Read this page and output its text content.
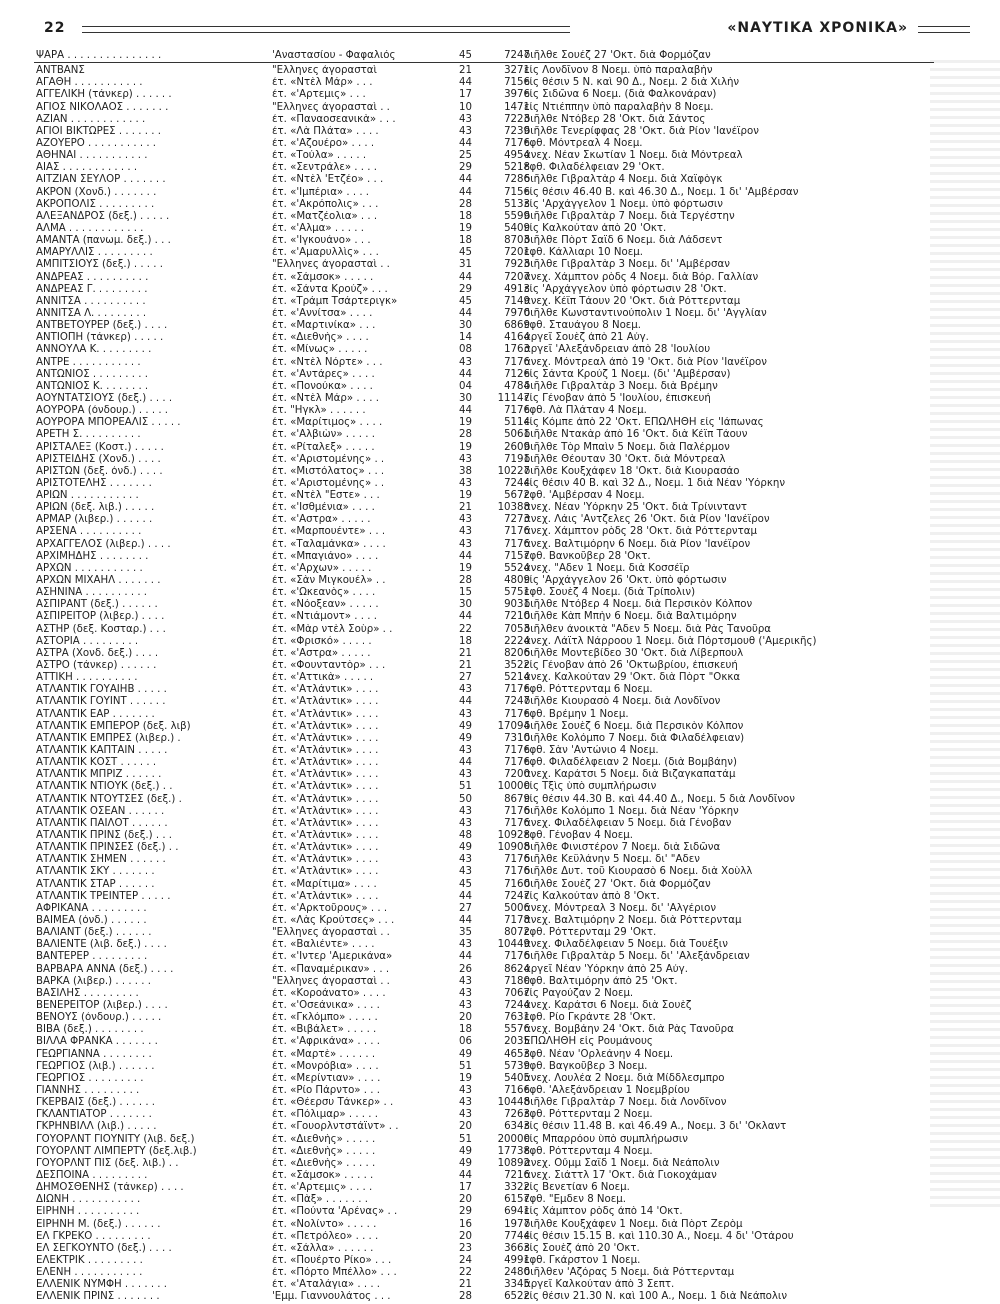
22	«ΝΑΥΤΙΚΑ ΧΡΟΝΙΚΑ»
ΨΑΡΑ . . . . . . . . . . . . . . .	'Αναστασίου - Φαφαλιός	45	7247
διῆλθε Σουέζ 27 'Οκτ. διὰ Φορμόζαν
ΑΝΤΒΑΝΣ	"Ελληνες ἀγορασταὶ	21	3271
εἰς Λονδῖνον 8 Νοεμ. ὑπὸ παραλαβὴν
ΑΓΑΘΗ . . . . . . . . . . .	ἐτ. «Ντὲλ Μάρ» . . .	44	7156
εἰς θέσιν 5 Ν. καὶ 90 Δ., Νοεμ. 2 διὰ Χιλὴν
ΑΓΓΕΛΙΚΗ (τάνκερ) . . . . . .	ἐτ. «'Αρτεμις» . . .	17	3976
εἰς Σιδῶνα 6 Νοεμ. (διὰ Φαλκονάραν)
ΑΓΙΟΣ ΝΙΚΟΛΑΟΣ . . . . . . .	"Ελληνες ἀγορασταὶ . .	10	1471
εἰς Ντιέππην ὑπὸ παραλαβὴν 8 Νοεμ.
ΑΖΙΑΝ . . . . . . . . . . . .	ἐτ. «Παναοσεανικὰ» . . .	43	7223
διῆλθε Ντόβερ 28 'Οκτ. διὰ Σάντος
ΑΓΙΟΙ ΒΙΚΤΩΡΕΣ . . . . . . .	ἐτ. «Λὰ Πλάτα» . . . .	43	7239
διῆλθε Τενερίφφας 28 'Οκτ. διὰ Ρίον 'Ιανέϊρον
ΑΖΟΥΕΡΟ . . . . . . . . . . .	ἐτ. «'Αζουέρο» . . . .	44	7176
ἐφθ. Μόντρεαλ 4 Νοεμ.
ΑΘΗΝΑΙ . . . . . . . . . . .	ἐτ. «Τούλα» . . . . .	25	4954
ἀνεχ. Νέαν Σκωτίαν 1 Νοεμ. διὰ Μόντρεαλ
ΑΙΑΣ . . . . . . . . . . . .	ἐτ. «Σεντράλε» . . . .	29	5218
ἐφθ. Φιλαδέλφειαν 29 'Οκτ.
ΑΙΤΖΙΑΝ ΣΕΫΛΟΡ . . . . . . .	ἐτ. «Ντὲλ 'Ετζέο» . . .	44	7286
διῆλθε Γιβραλτὰρ 4 Νοεμ. διὰ Χαϊφὸγκ
ΑΚΡΟΝ (Χονδ.) . . . . . . .	ἐτ. «'Ιμπέρια» . . . .	44	7156
εἰς θέσιν 46.40 Β. καὶ 46.30 Δ., Νοεμ. 1 δι' 'Αμβέρσαν
ΑΚΡΟΠΟΛΙΣ . . . . . . . . .	ἐτ. «'Ακρόπολις» . . .	28	5133
εἰς 'Αρχάγγελον 1 Νοεμ. ὑπὸ φόρτωσιν
ΑΛΕΞΑΝΔΡΟΣ (δεξ.) . . . . .	ἐτ. «Ματζέολια» . . .	18	5599
διῆλθε Γιβραλτὰρ 7 Νοεμ. διὰ Τεργέστην
ΑΛΜΑ . . . . . . . . . . . .	ἐτ. «'Αλμα» . . . . .	19	5409
εἰς Καλκούταν ἀπὸ 20 'Οκτ.
ΑΜΑΝΤΑ (πανωμ. δεξ.) . . .	ἐτ. «'Ιγκουάνο» . . .	18	8703
διῆλθε Πὸρτ Σαῒδ 6 Νοεμ. διὰ Λάδσεντ
ΑΜΑΡΥΛΛΙΣ . . . . . . . . .	ἐτ. «'Αμαρυλλὶς» . . .	45	7201
ἐφθ. Κάλλιαρι 10 Νοεμ.
ΑΜΠΙΤΣΙΟΥΣ (δεξ.) . . . . .	"Ελληνες ἀγορασταὶ . .	31	7923
διῆλθε Γιβραλτὰρ 3 Νοεμ. δι' 'Αμβέρσαν
ΑΝΔΡΕΑΣ . . . . . . . . . .	ἐτ. «Σάμσοκ» . . . . .	44	7207
ἀνεχ. Χάμπτον ρὸδς 4 Νοεμ. διὰ Βόρ. Γαλλίαν
ΑΝΔΡΕΑΣ Γ. . . . . . . . .	ἐτ. «Σάντα Κρούζ» . . .	29	4913
εἰς 'Αρχάγγελον ὑπὸ φόρτωσιν 28 'Οκτ.
ΑΝΝΙΤΣΑ . . . . . . . . . .	ἐτ. «Τράμπ Τσάρτεριγκ»	45	7149
ἀνεχ. Κέϊπ Τάουν 20 'Οκτ. διὰ Ρόττερνταμ
ΑΝΝΙΤΣΑ Λ. . . . . . . . .	ἐτ. «'Αννίτσα» . . . .	44	7970
διῆλθε Κωνσταντινούπολιν 1 Νοεμ. δι' 'Αγγλίαν
ΑΝΤΒΕΤΟΥΡΕΡ (δεξ.) . . . .	ἐτ. «Μαρτινίκα» . . .	30	6869
ἐφθ. Σταυάγου 8 Νοεμ.
ΑΝΤΙΟΠΗ (τάνκερ) . . . . .	ἐτ. «Διεθνὴς» . . . .	14	4164
ἀργεῖ Σουὲζ ἀπὸ 21 Αὐγ.
ΑΝΝΟΥΛΑ Κ. . . . . . . . .	ἐτ. «Μίνως» . . . . .	08	1763
ἀργεῖ 'Αλεξάνδρειαν ἀπὸ 28 'Ιουλίου
ΑΝΤΡΕ . . . . . . . . . . .	ἐτ. «Ντὲλ Νόρτε» . . .	43	7176
ἀνεχ. Μόντρεαλ ἀπὸ 19 'Οκτ. διὰ Ρίον 'Ιανέϊρον
ΑΝΤΩΝΙΟΣ . . . . . . . . .	ἐτ. «'Αντάρες» . . . .	44	7126
εἰς Σάντα Κρούζ 1 Νοεμ. (δι' 'Αμβέρσαν)
ΑΝΤΩΝΙΟΣ Κ. . . . . . . .	ἐτ. «Πονούκα» . . . .	04	4784
διῆλθε Γιβραλτὰρ 3 Νοεμ. διὰ Βρέμην
ΑΟΥΝΤΑΤΣΙΟΥΣ (δεξ.) . . . .	ἐτ. «Ντὲλ Μάρ» . . . .	30	11147
εἰς Γένοβαν ἀπὸ 5 'Ιουλίου, ἐπισκευή
ΑΟΥΡΟΡΑ (ὀνδουρ.) . . . . .	ἐτ. "Ηγκλ» . . . . . .	44	7176
ἐφθ. Λὰ Πλάταν 4 Νοεμ.
ΑΟΥΡΟΡΑ ΜΠΟΡΕΑΛΙΣ . . . . .	ἐτ. «Μαρίτιμος» . . . .	19	5114
εἰς Κόμπε ἀπὸ 22 'Οκτ. ΕΠΩΛΗΘΗ εἰς 'Ιάπωνας
ΑΡΕΤΗ Σ. . . . . . . . . .	ἐτ. «'Αλβιὼν» . . . . .	28	5061
διῆλθε Ντακὰρ ἀπὸ 16 'Οκτ. διὰ Κέϊπ Τάουν
ΑΡΙΣΤΑΛΕΞ (Κοστ.) . . . . .	ἐτ. «Ρίταλεξ» . . . . .	19	2609
διῆλθε Τὸρ Μπαὶν 5 Νοεμ. διὰ Παλέρμον
ΑΡΙΣΤΕΙΔΗΣ (Χονδ.) . . . .	ἐτ. «'Αριστομένης» . .	43	7191
διῆλθε Θέουταν 30 'Οκτ. διὰ Μόντρεαλ
ΑΡΙΣΤΩΝ (δεξ. ὀνδ.) . . . .	ἐτ. «Μιστόλατος» . . .	38	10227
διῆλθε Κουξχάφεν 18 'Οκτ. διὰ Κιουρασάο
ΑΡΙΣΤΟΤΕΛΗΣ . . . . . . .	ἐτ. «'Αριστομένης» . .	43	7244
εἰς θέσιν 40 Β. καὶ 32 Δ., Νοεμ. 1 διὰ Νέαν 'Υόρκην
ΑΡΙΩΝ . . . . . . . . . . .	ἐτ. «Ντὲλ "Εστε» . . .	19	5672
ἐφθ. 'Αμβέρσαν 4 Νοεμ.
ΑΡΙΩΝ (δεξ. λιβ.) . . . . .	ἐτ. «'Ισθμένια» . . . .	21	10388
ἀνεχ. Νέαν 'Υόρκην 25 'Οκτ. διὰ Τρίνινταντ
ΑΡΜΑΡ (λιβερ.) . . . . . .	ἐτ. «'Αστρα» . . . . .	43	7273
ἀνεχ. Λάις 'Αντζελες 26 'Οκτ. διὰ Ρίον 'Ιανέϊρον
ΑΡΣΕΝΑ . . . . . . . . . .	ἐτ. «Μαρπουέντε» . . .	43	7176
ἀνεχ. Χάμπτον ρὸδς 28 'Οκτ. διὰ Ρόττερνταμ
ΑΡΧΑΓΓΕΛΟΣ (λιβερ.) . . . .	ἐτ. «Ταλαμάνκα» . . . .	43	7176
ἀνεχ. Βαλτιμόρην 6 Νοεμ. διὰ Ρίον 'Ιανέϊρον
ΑΡΧΙΜΗΔΗΣ . . . . . . . .	ἐτ. «Μπαγιάνο» . . . .	44	7157
ἐφθ. Βανκοῦβερ 28 'Οκτ.
ΑΡΧΩΝ . . . . . . . . . . .	ἐτ. «'Αρχων» . . . . .	19	5524
ἀνεχ. "Αδεν 1 Νοεμ. διὰ Κοσσέϊρ
ΑΡΧΩΝ ΜΙΧΑΗΛ . . . . . . .	ἐτ. «Σὰν Μιγκουέλ» . .	28	4809
εἰς 'Αρχάγγελον 26 'Οκτ. ὑπὸ φόρτωσιν
ΑΣΗΝΙΝΑ . . . . . . . . . .	ἐτ. «'Ωκεανὸς» . . . .	15	5751
ἐφθ. Σουὲζ 4 Νοεμ. (διὰ Τρίπολιν)
ΑΣΠΙΡΑΝΤ (δεξ.) . . . . . .	ἐτ. «Νόοξεαν» . . . . .	30	9031
διῆλθε Ντόβερ 4 Νοεμ. διὰ Περσικὸν Κόλπον
ΑΣΠΙΡΕΪΤΟΡ (λιβερ.) . . . .	ἐτ. «Ντιάμοντ» . . . .	44	7210
διῆλθε Κὰπ Μπὴν 6 Νοεμ. διὰ Βαλτιμόρην
ΑΣΤΗΡ (δεξ. Κοσταρ.) . . .	ἐτ. «Μὰρ ντὲλ Σοὺρ» . .	22	7053
διῆλθεν ἀνοικτὰ "Αδεν 5 Νοεμ. διὰ Ρὰς Τανοῦρα
ΑΣΤΟΡΙΑ . . . . . . . . .	ἐτ. «Φρισκό» . . . . .	18	2224
ἀνεχ. Λάϊτλ Νάρροου 1 Νοεμ. διὰ Πόρτσμουθ ('Αμερικῆς)
ΑΣΤΡΑ (Χονδ. δεξ.) . . . .	ἐτ. «'Αστρα» . . . . .	21	8206
διῆλθε Μοντεβίδεο 30 'Οκτ. διὰ Λίβερπουλ
ΑΣΤΡΟ (τάνκερ) . . . . . .	ἐτ. «Φουνταντὸρ» . . .	21	3522
εἰς Γένοβαν ἀπὸ 26 'Οκτωβρίου, ἐπισκευή
ΑΤΤΙΚΗ . . . . . . . . . .	ἐτ. «'Αττικὰ» . . . . .	27	5214
ἀνεχ. Καλκούταν 29 'Οκτ. διὰ Πὸρτ "Οκκα
ΑΤΛΑΝΤΙΚ ΓΟΥΑΪΗΒ . . . . .	ἐτ. «'Ατλάντικ» . . . .	43	7176
ἐφθ. Ρόττερνταμ 6 Νοεμ.
ΑΤΛΑΝΤΙΚ ΓΟΥΪΝΤ . . . . . .	ἐτ. «'Ατλάντικ» . . . .	44	7247
διῆλθε Κιουρασὸ 4 Νοεμ. διὰ Λονδῖνον
ΑΤΛΑΝΤΙΚ ΕΑΡ . . . . . . .	ἐτ. «'Ατλάντικ» . . . .	43	7176
ἐφθ. Βρέμην 1 Νοεμ.
ΑΤΛΑΝΤΙΚ ΕΜΠΕΡΟΡ (δεξ. λιβ)	ἐτ. «'Ατλάντικ» . . . .	49	17094
διῆλθε Σουὲζ 6 Νοεμ. διὰ Περσικὸν Κόλπον
ΑΤΛΑΝΤΙΚ ΕΜΠΡΕΣ (λιβερ.) .	ἐτ. «'Ατλάντικ» . . . .	49	7310
διῆλθε Κολόμπο 7 Νοεμ. διὰ Φιλαδέλφειαν)
ΑΤΛΑΝΤΙΚ ΚΑΠΤΑΙΝ . . . . .	ἐτ. «'Ατλάντικ» . . . .	43	7176
ἐφθ. Σὰν 'Αντώνιο 4 Νοεμ.
ΑΤΛΑΝΤΙΚ ΚΟΣΤ . . . . . .	ἐτ. «'Ατλάντικ» . . . .	44	7176
ἐφθ. Φιλαδέλφειαν 2 Νοεμ. (διὰ Βομβάην)
ΑΤΛΑΝΤΙΚ ΜΠΡΙΖ . . . . . .	ἐτ. «'Ατλάντικ» . . . .	43	7200
ἀνεχ. Καράτσι 5 Νοεμ. διὰ Βιζαγκαπατάμ
ΑΤΛΑΝΤΙΚ ΝΤΙΟΥΚ (δεξ.) . .	ἐτ. «'Ατλάντικ» . . . .	51	10000
εἰς Τξὶς ὑπὸ συμπλήρωσιν
ΑΤΛΑΝΤΙΚ ΝΤΟΥΤΣΕΣ (δεξ.) .	ἐτ. «'Ατλάντικ» . . . .	50	8679
εἰς θέσιν 44.30 Β. καὶ 44.40 Δ., Νοεμ. 5 διὰ Λονδῖνον
ΑΤΛΑΝΤΙΚ ΟΣΕΑΝ . . . . . .	ἐτ. «'Ατλάντικ» . . . .	43	7176
διῆλθε Κολόμπο 1 Νοεμ. διὰ Νέαν 'Υόρκην
ΑΤΛΑΝΤΙΚ ΠΑΪΛΟΤ . . . . . .	ἐτ. «'Ατλάντικ» . . . .	43	7176
ἀνεχ. Φιλαδέλφειαν 5 Νοεμ. διὰ Γένοβαν
ΑΤΛΑΝΤΙΚ ΠΡΙΝΣ (δεξ.) . . .	ἐτ. «'Ατλάντικ» . . . .	48	10928
ἐφθ. Γένοβαν 4 Νοεμ.
ΑΤΛΑΝΤΙΚ ΠΡΙΝΣΕΣ (δεξ.) . .	ἐτ. «'Ατλάντικ» . . . .	49	10908
διῆλθε Φινιστέρον 7 Νοεμ. διὰ Σιδῶνα
ΑΤΛΑΝΤΙΚ ΣΗΜΕΝ . . . . . .	ἐτ. «'Ατλάντικ» . . . .	43	7176
διῆλθε Κεϋλάνην 5 Νοεμ. δι' "Αδεν
ΑΤΛΑΝΤΙΚ ΣΚΥ . . . . . . .	ἐτ. «'Ατλάντικ» . . . .	43	7176
διῆλθε Δυτ. τοῦ Κιουρασὸ 6 Νοεμ. διὰ Χοὺλλ
ΑΤΛΑΝΤΙΚ ΣΤΑΡ . . . . . .	ἐτ. «Μαρίτιμα» . . . .	45	7160
διῆλθε Σουὲζ 27 'Οκτ. διὰ Φορμόζαν
ΑΤΛΑΝΤΙΚ ΤΡΕΪΝΤΕΡ . . . . .	ἐτ. «'Ατλάντικ» . . . .	44	7247
εἰς Καλκούταν ἀπὸ 8 'Οκτ.
ΑΦΡΙΚΑΝΑ . . . . . . . . .	ἐτ. «'Αρκτοῦρους» . . .	27	5006
ἀνεχ. Μόντρεαλ 3 Νοεμ. δι' 'Αλγέριον
ΒΑΪΜΕΑ (ὀνδ.) . . . . . .	ἐτ. «Λὰς Κρούτσες» . . .	44	7178
ἀνεχ. Βαλτιμόρην 2 Νοεμ. διὰ Ρόττερνταμ
ΒΑΛΙΑΝΤ (δεξ.) . . . . . .	"Ελληνες ἀγορασταὶ . .	35	8072
ἐφθ. Ρόττερνταμ 29 'Οκτ.
ΒΑΛΙΕΝΤΕ (λιβ. δεξ.) . . . .	ἐτ. «Βαλιέντε» . . . .	43	10449
ἀνεχ. Φιλαδέλφειαν 5 Νοεμ. διὰ Τουέξιν
ΒΑΝΤΕΡΕΡ . . . . . . . . .	ἐτ. «'Ιντερ 'Αμερικάνα»	44	7176
διῆλθε Γιβραλτὰρ 5 Νοεμ. δι' 'Αλεξάνδρειαν
ΒΑΡΒΑΡΑ ΑΝΝΑ (δεξ.) . . . .	ἐτ. «Παναμέρικαν» . . .	26	8624
ἀργεῖ Νέαν 'Υόρκην ἀπὸ 25 Αὐγ.
ΒΑΡΚΑ (λιβερ.) . . . . . .	"Ελληνες ἀγορασταὶ . .	43	7180
ἐφθ. Βαλτιμόρην ἀπὸ 25 'Οκτ.
ΒΑΣΙΛΗΣ . . . . . . . . .	ἐτ. «Κοροάνατο» . . . .	43	7067
εἰς Ραγούζαν 2 Νοεμ.
ΒΕΝΕΡΕΪΤΟΡ (λιβερ.) . . . .	ἐτ. «'Οσεάνικα» . . . .	43	7244
ἀνεχ. Καράτσι 6 Νοεμ. διὰ Σουὲζ
ΒΕΝΟΥΣ (ὀνδουρ.) . . . . .	ἐτ. «Γκλόμπο» . . . . .	20	7631
ἐφθ. Ρίο Γκράντε 28 'Οκτ.
ΒΙΒΑ (δεξ.) . . . . . . . .	ἐτ. «Βιβάλετ» . . . . .	18	5576
ἀνεχ. Βομβάην 24 'Οκτ. διὰ Ρὰς Τανοῦρα
ΒΙΛΛΑ ΦΡΑΝΚΑ . . . . . . .	ἐτ. «'Αφρικάνα» . . . .	06	2035
ΕΠΩΛΗΘΗ εἰς Ρουμάνους
ΓΕΩΡΓΙΑΝΝΑ . . . . . . . .	ἐτ. «Μαρτὲ» . . . . . .	49	4653
ἐφθ. Νέαν 'Ορλεάνην 4 Νοεμ.
ΓΕΩΡΓΙΟΣ (λιβ.) . . . . . .	ἐτ. «Μονρόβια» . . . .	51	5739
ἐφθ. Βαγκοῦβερ 3 Νοεμ.
ΓΕΩΡΓΙΟΣ . . . . . . . . .	ἐτ. «Μερίντιαν» . . . .	19	5405
ἀνεχ. Λουλέα 2 Νοεμ. διὰ Μίδδλεσμπρο
ΓΙΑΝΝΗΣ . . . . . . . . .	ἐτ. «Ρίο Πάρντο» . . .	43	7166
ἐφθ. 'Αλεξάνδρειαν 1 Νοεμβρίου
ΓΚΕΡΒΑΪΣ (δεξ.) . . . . . .	ἐτ. «Θέερσυ Τάνκερ» . .	43	10448
διῆλθε Γιβραλτὰρ 7 Νοεμ. διὰ Λονδῖνον
ΓΚΛΑΝΤΙΑΤΟΡ . . . . . . .	ἐτ. «Πόλιμαρ» . . . . .	43	7263
ἐφθ. Ρόττερνταμ 2 Νοεμ.
ΓΚΡΗΝΒΙΛΛ (λιβ.) . . . . .	ἐτ. «Γουορλντστάϊντ» . .	20	6343
εἰς θέσιν 11.48 Β. καὶ 46.49 Α., Νοεμ. 3 δι' 'Οκλαντ
ΓΟΥΟΡΛΝΤ ΓΙΟΥΝΙΤΥ (λιβ. δεξ.)	ἐτ. «Διεθνὴς» . . . . .	51	20000
εἰς Μπαρρόου ὑπὸ συμπλήρωσιν
ΓΟΥΟΡΛΝΤ ΛΙΜΠΕΡΤΥ (δεξ.λιβ.)	ἐτ. «Διεθνὴς» . . . . .	49	17738
ἐφθ. Ρόττερνταμ 4 Νοεμ.
ΓΟΥΟΡΛΝΤ ΠΙΣ (δεξ. λιβ.) . .	ἐτ. «Διεθνὴς» . . . . .	49	10892
ἀνεχ. Οὔμμ Σαῒδ 1 Νοεμ. διὰ Νεάπολιν
ΔΕΣΠΟΙΝΑ . . . . . . . . .	ἐτ. «Σάμσοκ» . . . . .	44	7216
ἀνεχ. Σιάττλ 17 'Οκτ. διὰ Γιοκοχάμαν
ΔΗΜΟΣΘΕΝΗΣ (τάνκερ) . . . .	ἐτ. «'Αρτεμις» . . . .	17	3322
εἰς Βενετίαν 6 Νοεμ.
ΔΙΩΝΗ . . . . . . . . . . .	ἐτ. «Πὰξ» . . . . . . .	20	6157
ἐφθ. "Εμδεν 8 Νοεμ.
ΕΙΡΗΝΗ . . . . . . . . . .	ἐτ. «Πούντα 'Αρένας» . .	29	6941
εἰς Χάμπτον ρὸδς ἀπὸ 14 'Οκτ.
ΕΙΡΗΝΗ Μ. (δεξ.) . . . . . .	ἐτ. «Νολίντο» . . . . .	16	1977
διῆλθε Κουξχάφεν 1 Νοεμ. διὰ Πὸρτ Ζερὸμ
ΕΛ ΓΚΡΕΚΟ . . . . . . . . .	ἐτ. «Πετρόλεο» . . . .	20	7744
εἰς θέσιν 15.15 Β. καὶ 110.30 Α., Νοεμ. 4 δι' 'Οτάρου
ΕΛ ΣΕΓΚΟΥΝΤΟ (δεξ.) . . . .	ἐτ. «Σάλλα» . . . . . .	23	3663
εἰς Σουὲζ ἀπὸ 20 'Οκτ.
ΕΛΕΚΤΡΙΚ . . . . . . . . .	ἐτ. «Πουέρτο Ρίκο» . . .	24	4991
ἐφθ. Γκάρστον 1 Νοεμ.
ΕΛΕΝΗ . . . . . . . . . . .	ἐτ. «Πόρτο Μπέλλο» . . .	22	2480
διῆλθεν 'Αζόρας 5 Νοεμ. διὰ Ρόττερνταμ
ΕΛΛΕΝΙΚ ΝΥΜΦΗ . . . . . . .	ἐτ. «'Αταλάγια» . . . .	21	3345
ἀργεῖ Καλκούταν ἀπὸ 3 Σεπτ.
ΕΛΛΕΝΙΚ ΠΡΙΝΣ . . . . . . .	'Εμμ. Γιαννουλάτος . . .	28	6522
εἰς θέσιν 21.30 Ν. καὶ 100 Α., Νοεμ. 1 διὰ Νεάπολιν
